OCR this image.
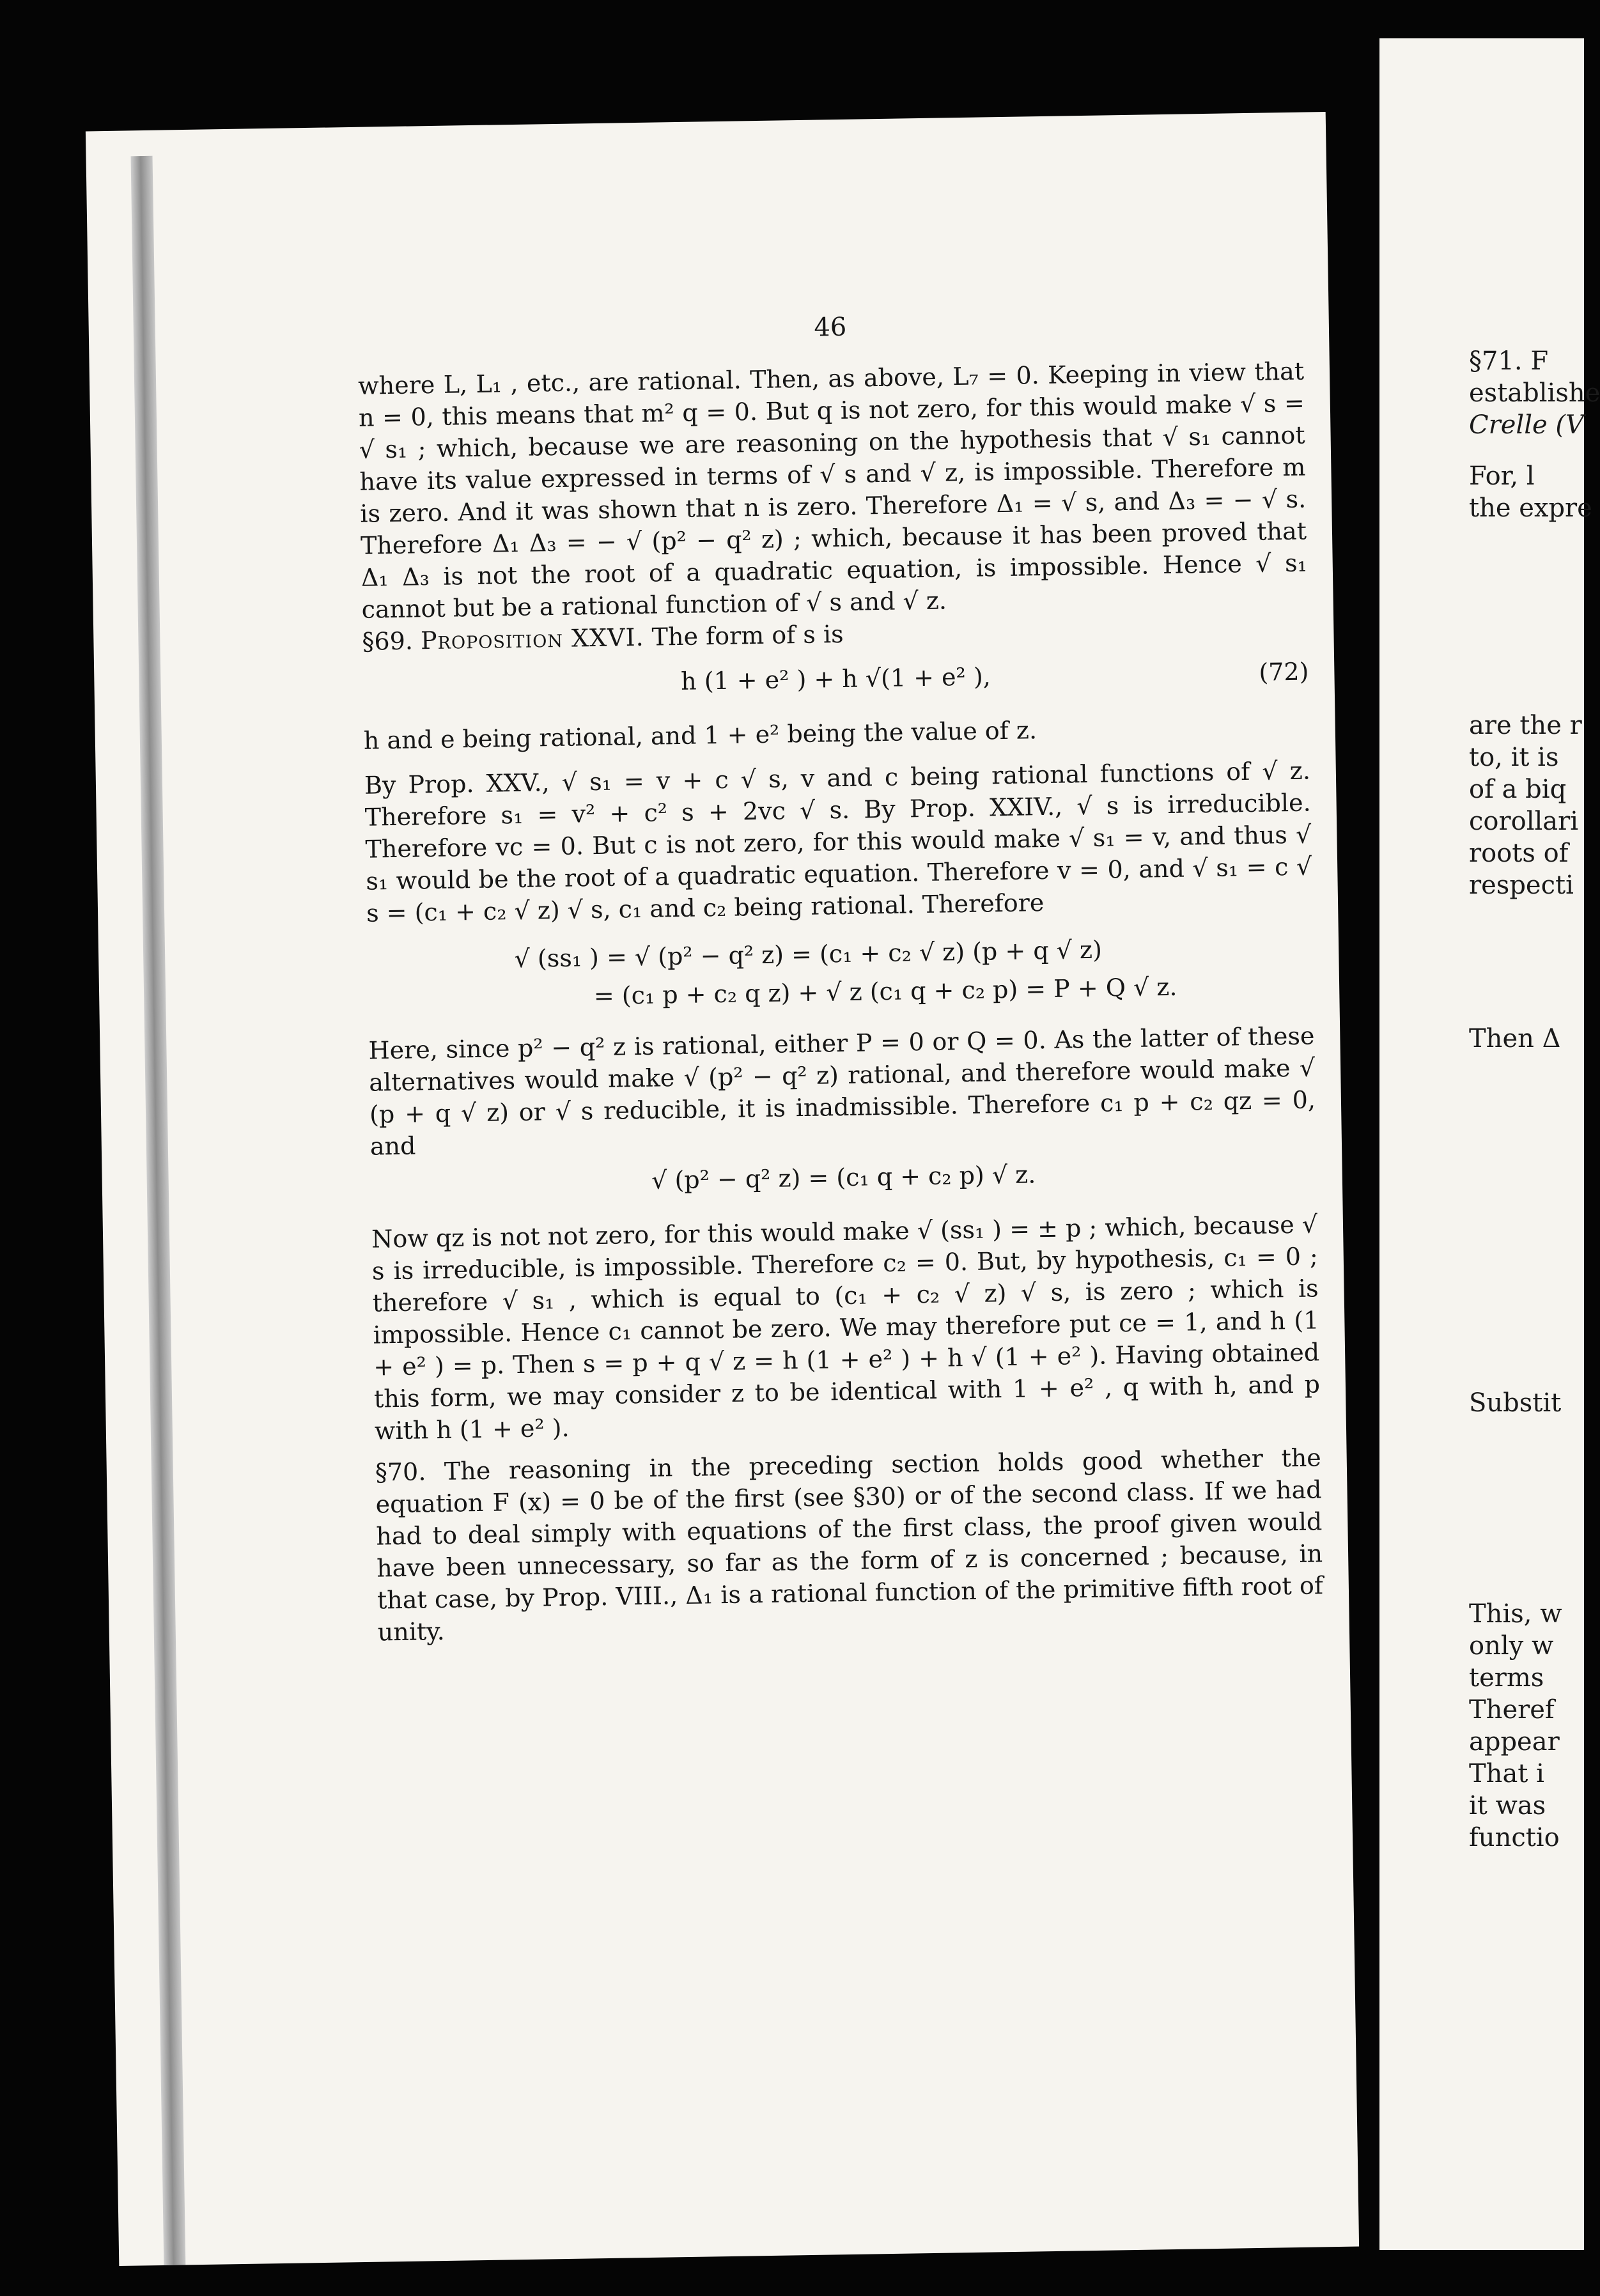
46

where L, L₁ , etc., are rational. Then, as above, L₇ = 0. Keeping in view that n = 0, this means that m² q = 0. But q is not zero, for this would make √ s = √ s₁ ; which, because we are reasoning on the hypothesis that √ s₁ cannot have its value expressed in terms of √ s and √ z, is impossible. Therefore m is zero. And it was shown that n is zero. Therefore Δ₁ = √ s, and Δ₃ = − √ s. Therefore Δ₁ Δ₃ = − √ (p² − q² z) ; which, because it has been proved that Δ₁ Δ₃ is not the root of a quadratic equation, is impossible. Hence √ s₁ cannot but be a rational function of √ s and √ z.

§69. Proposition XXVI. The form of s is

h (1 + e² ) + h √(1 + e² ),	(72)

h and e being rational, and 1 + e² being the value of z.

By Prop. XXV., √ s₁ = v + c √ s, v and c being rational functions of √ z. Therefore s₁ = v² + c² s + 2vc √ s. By Prop. XXIV., √ s is irreducible. Therefore vc = 0. But c is not zero, for this would make √ s₁ = v, and thus √ s₁ would be the root of a quadratic equation. Therefore v = 0, and √ s₁ = c √ s = (c₁ + c₂ √ z) √ s, c₁ and c₂ being rational. Therefore

√ (ss₁ ) = √ (p² − q² z) = (c₁ + c₂ √ z) (p + q √ z)

= (c₁ p + c₂ q z) + √ z (c₁ q + c₂ p) = P + Q √ z.

Here, since p² − q² z is rational, either P = 0 or Q = 0. As the latter of these alternatives would make √ (p² − q² z) rational, and therefore would make √ (p + q √ z) or √ s reducible, it is inadmissible. Therefore c₁ p + c₂ qz = 0, and

√ (p² − q² z) = (c₁ q + c₂ p) √ z.

Now qz is not not zero, for this would make √ (ss₁ ) = ± p ; which, because √ s is irreducible, is impossible. Therefore c₂ = 0. But, by hypothesis, c₁ = 0 ; therefore √ s₁ , which is equal to (c₁ + c₂ √ z) √ s, is zero ; which is impossible. Hence c₁ cannot be zero. We may therefore put ce = 1, and h (1 + e² ) = p. Then s = p + q √ z = h (1 + e² ) + h √ (1 + e² ). Having obtained this form, we may consider z to be identical with 1 + e² , q with h, and p with h (1 + e² ).

§70. The reasoning in the preceding section holds good whether the equation F (x) = 0 be of the first (see §30) or of the second class. If we had had to deal simply with equations of the first class, the proof given would have been unnecessary, so far as the form of z is concerned ; because, in that case, by Prop. VIII., Δ₁ is a rational function of the primitive fifth root of unity.

§71. F
establishe
Crelle (V
For, l
the expre
are the r
to, it is
of a biq
corollari
roots of
respecti
Then Δ
Substit
This, w
only w
terms
Theref
appear
That i
it was
functio
